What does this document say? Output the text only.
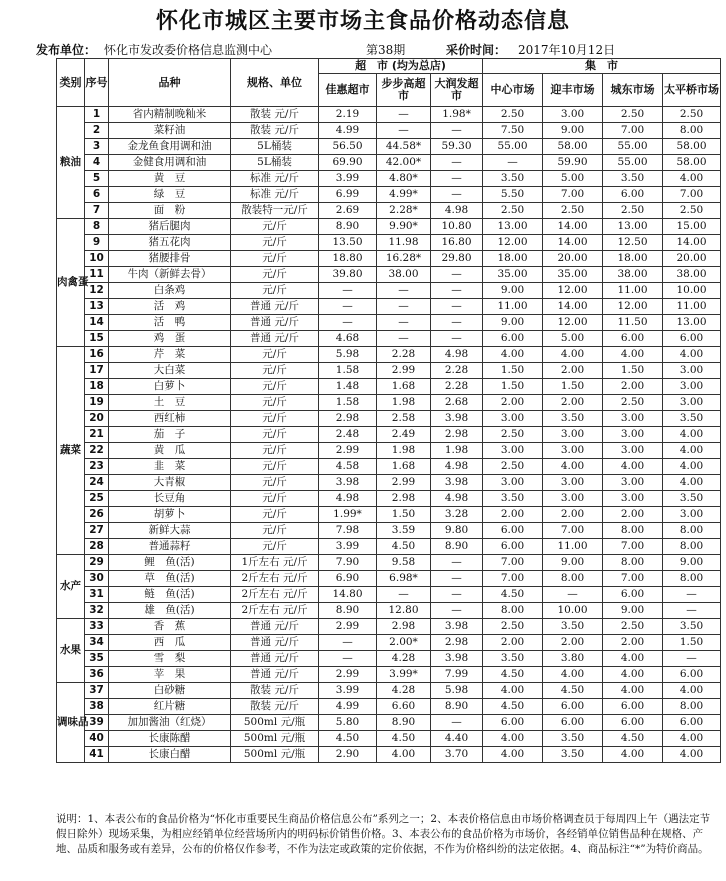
怀化市城区主要市场主食品价格动态信息
发布单位： 怀化市发改委价格信息监测中心	第38期	采价时间： 2017年10月12日
类别	序号	品种	规格、单位	超　市 (均为总店)			集　市			
				佳惠超市	步步高超市	大润发超市	中心市场	迎丰市场	城东市场	太平桥市场
粮油	1	省内精制晚籼米	散装 元/斤	2.19	—	1.98*	2.50	3.00	2.50	2.50
	2	菜籽油	散装 元/斤	4.99	—	—	7.50	9.00	7.00	8.00
	3	金龙鱼食用调和油	5L桶装	56.50	44.58*	59.30	55.00	58.00	55.00	58.00
	4	金健食用调和油	5L桶装	69.90	42.00*	—	—	59.90	55.00	58.00
	5	黄　豆	标准 元/斤	3.99	4.80*	—	3.50	5.00	3.50	4.00
	6	绿　豆	标准 元/斤	6.99	4.99*	—	5.50	7.00	6.00	7.00
	7	面　粉	散装特一元/斤	2.69	2.28*	4.98	2.50	2.50	2.50	2.50
肉禽蛋	8	猪后腿肉	元/斤	8.90	9.90*	10.80	13.00	14.00	13.00	15.00
	9	猪五花肉	元/斤	13.50	11.98	16.80	12.00	14.00	12.50	14.00
	10	猪腰排骨	元/斤	18.80	16.28*	29.80	18.00	20.00	18.00	20.00
	11	牛肉（新鲜去骨）	元/斤	39.80	38.00	—	35.00	35.00	38.00	38.00
	12	白条鸡	元/斤	—	—	—	9.00	12.00	11.00	10.00
	13	活　鸡	普通 元/斤	—	—	—	11.00	14.00	12.00	11.00
	14	活　鸭	普通 元/斤	—	—	—	9.00	12.00	11.50	13.00
	15	鸡　蛋	普通 元/斤	4.68	—	—	6.00	5.00	6.00	6.00
蔬菜	16	芹　菜	元/斤	5.98	2.28	4.98	4.00	4.00	4.00	4.00
	17	大白菜	元/斤	1.58	2.99	2.28	1.50	2.00	1.50	3.00
	18	白萝卜	元/斤	1.48	1.68	2.28	1.50	1.50	2.00	3.00
	19	土　豆	元/斤	1.58	1.98	2.68	2.00	2.00	2.50	3.00
	20	西红柿	元/斤	2.98	2.58	3.98	3.00	3.50	3.00	3.50
	21	茄　子	元/斤	2.48	2.49	2.98	2.50	3.00	3.00	4.00
	22	黄　瓜	元/斤	2.99	1.98	1.98	3.00	3.00	3.00	4.00
	23	韭　菜	元/斤	4.58	1.68	4.98	2.50	4.00	4.00	4.00
	24	大青椒	元/斤	3.98	2.99	3.98	3.00	3.00	3.00	4.00
	25	长豆角	元/斤	4.98	2.98	4.98	3.50	3.00	3.00	3.50
	26	胡萝卜	元/斤	1.99*	1.50	3.28	2.00	2.00	2.00	3.00
	27	新鲜大蒜	元/斤	7.98	3.59	9.80	6.00	7.00	8.00	8.00
	28	普通蒜籽	元/斤	3.99	4.50	8.90	6.00	11.00	7.00	8.00
水产	29	鲤　鱼(活)	1斤左右 元/斤	7.90	9.58	—	7.00	9.00	8.00	9.00
	30	草　鱼(活)	2斤左右 元/斤	6.90	6.98*	—	7.00	8.00	7.00	8.00
	31	鲢　鱼(活)	2斤左右 元/斤	14.80	—	—	4.50	—	6.00	—
	32	雄　鱼(活)	2斤左右 元/斤	8.90	12.80	—	8.00	10.00	9.00	—
水果	33	香　蕉	普通 元/斤	2.99	2.98	3.98	2.50	3.50	2.50	3.50
	34	西　瓜	普通 元/斤	—	2.00*	2.98	2.00	2.00	2.00	1.50
	35	雪　梨	普通 元/斤	—	4.28	3.98	3.50	3.80	4.00	—
	36	苹　果	普通 元/斤	2.99	3.99*	7.99	4.50	4.00	4.00	6.00
调味品	37	白砂糖	散装 元/斤	3.99	4.28	5.98	4.00	4.50	4.00	4.00
	38	红片糖	散装 元/斤	4.99	6.60	8.90	4.50	6.00	6.00	8.00
	39	加加酱油（红烧）	500ml 元/瓶	5.80	8.90	—	6.00	6.00	6.00	6.00
	40	长康陈醋	500ml 元/瓶	4.50	4.50	4.40	4.00	3.50	4.50	4.00
	41	长康白醋	500ml 元/瓶	2.90	4.00	3.70	4.00	3.50	4.00	4.00
说明：1、本表公布的食品价格为“怀化市重要民生商品价格信息公布”系列之一；2、本表价格信息由市场价格调查员于每周四上午（遇法定节假日除外）现场采集，为相应经销单位经营场所内的明码标价销售价格。3、本表公布的食品价格为市场价，各经销单位销售品种在规格、产地、品质和服务或有差异，公布的价格仅作参考，不作为法定或政策的定价依据，不作为价格纠纷的法定依据。4、商品标注“*”为特价商品。
